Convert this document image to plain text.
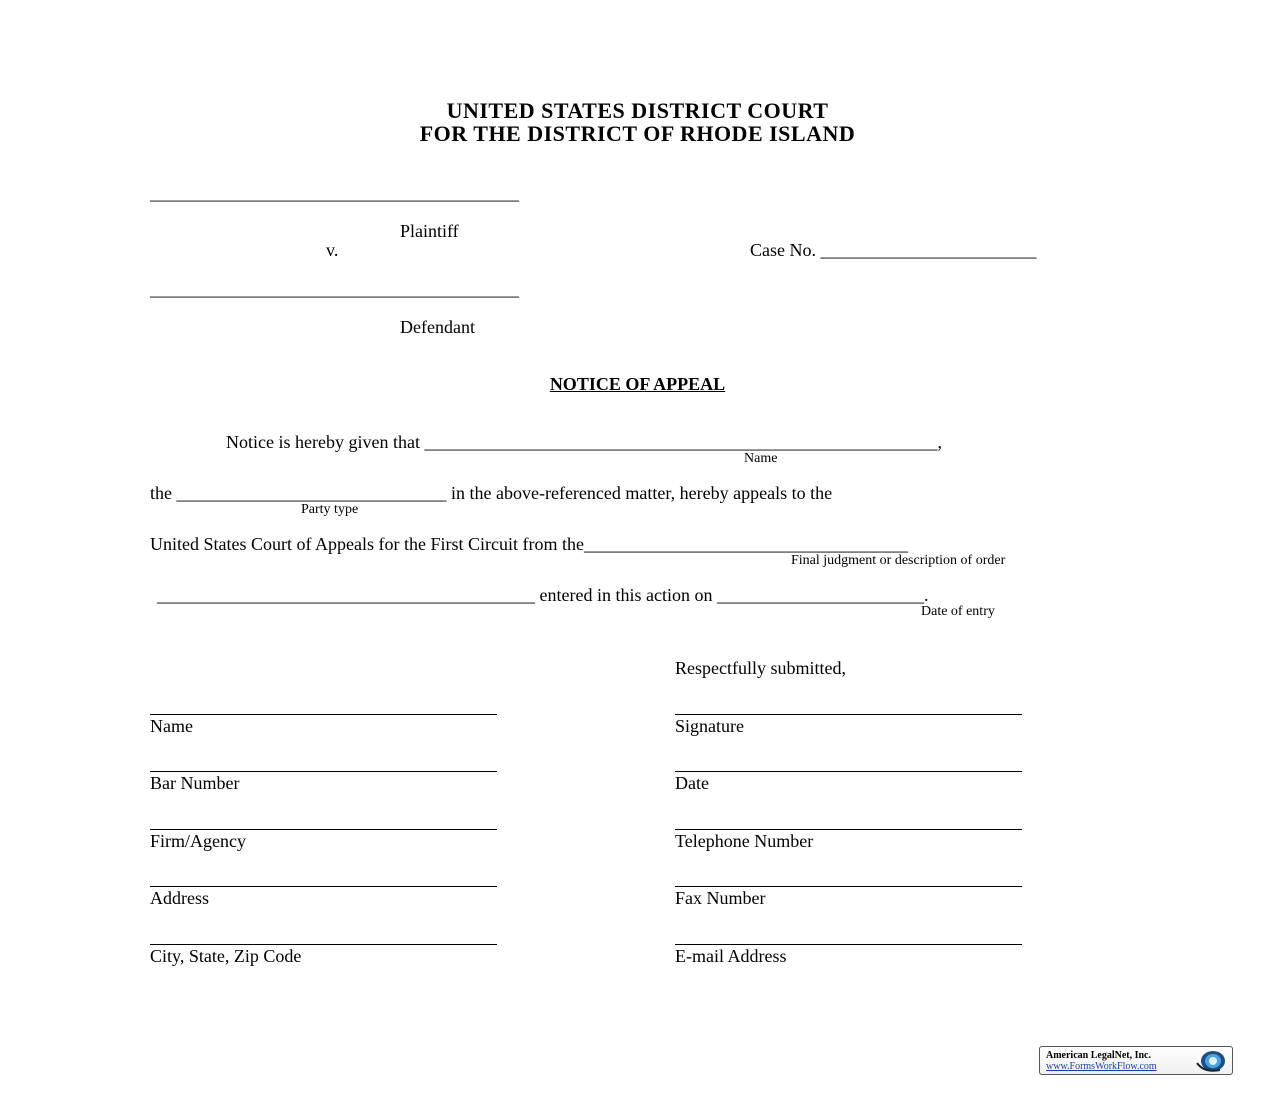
UNITED STATES DISTRICT COURT
FOR THE DISTRICT OF RHODE ISLAND
_________________________________________
Plaintiff
v.	Case No. ________________________
_________________________________________
Defendant
NOTICE OF APPEAL
Notice is hereby given that _________________________________________________________,
Name
the ______________________________ in the above-referenced matter, hereby appeals to the
Party type
United States Court of Appeals for the First Circuit from the____________________________________
Final judgment or description of order
__________________________________________ entered in this action on _______________________.
Date of entry
Respectfully submitted,
Name
Bar Number
Firm/Agency
Address
City, State, Zip Code
Signature
Date
Telephone Number
Fax Number
E-mail Address
American LegalNet, Inc.
www.FormsWorkFlow.com
